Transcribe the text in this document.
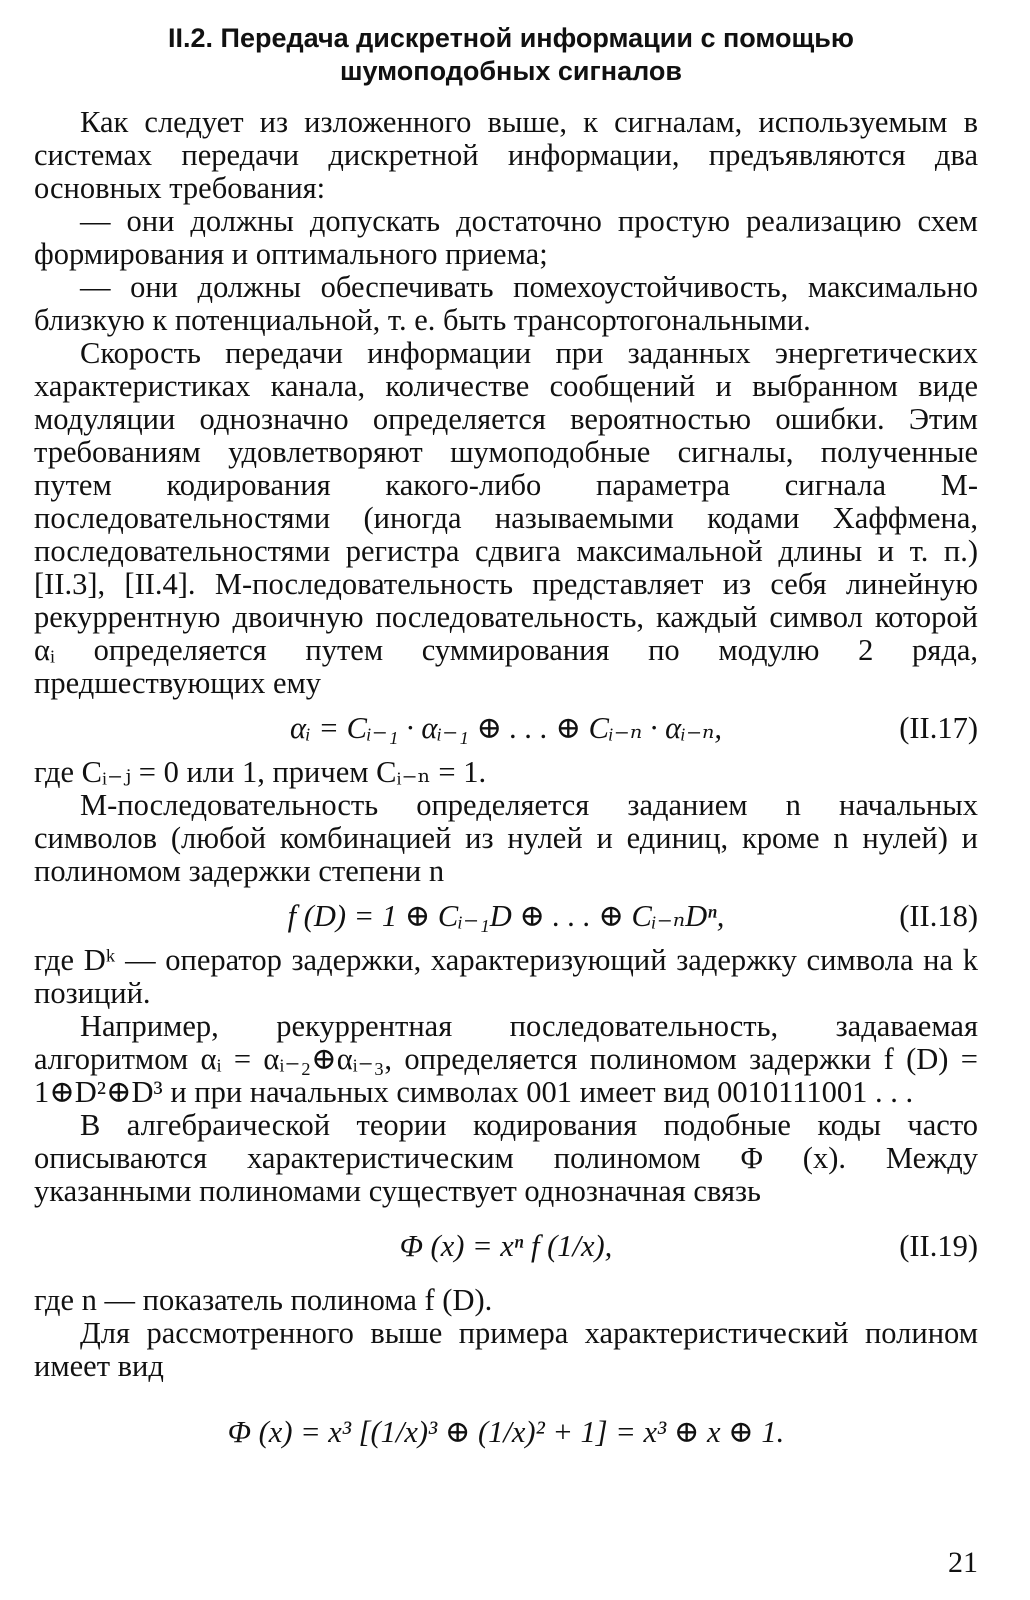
II.2. Передача дискретной информации с помощью
шумоподобных сигналов

Как следует из изложенного выше, к сигналам, используемым в системах передачи дискретной информации, предъявляются два основных требования:

— они должны допускать достаточно простую реализацию схем формирования и оптимального приема;

— они должны обеспечивать помехоустойчивость, максимально близкую к потенциальной, т. е. быть трансортогональными.

Скорость передачи информации при заданных энергетических характеристиках канала, количестве сообщений и выбранном виде модуляции однозначно определяется вероятностью ошибки. Этим требованиям удовлетворяют шумоподобные сигналы, полученные путем кодирования какого-либо параметра сигнала M-последовательностями (иногда называемыми кодами Хаффмена, последовательностями регистра сдвига максимальной длины и т. п.) [II.3], [II.4]. M-последовательность представляет из себя линейную рекуррентную двоичную последовательность, каждый символ которой αᵢ определяется путем суммирования по модулю 2 ряда, предшествующих ему

αᵢ = Cᵢ₋₁ · αᵢ₋₁ ⊕ . . . ⊕ Cᵢ₋ₙ · αᵢ₋ₙ,	(II.17)

где Cᵢ₋ⱼ = 0 или 1, причем Cᵢ₋ₙ = 1.

M-последовательность определяется заданием n начальных символов (любой комбинацией из нулей и единиц, кроме n нулей) и полиномом задержки степени n

f (D) = 1 ⊕ Cᵢ₋₁D ⊕ . . . ⊕ Cᵢ₋ₙDⁿ,	(II.18)

где Dᵏ — оператор задержки, характеризующий задержку символа на k позиций.

Например, рекуррентная последовательность, задаваемая алгоритмом αᵢ = αᵢ₋₂⊕αᵢ₋₃, определяется полиномом задержки f (D) = 1⊕D²⊕D³ и при начальных символах 001 имеет вид 0010111001 . . .

В алгебраической теории кодирования подобные коды часто описываются характеристическим полиномом Φ (x). Между указанными полиномами существует однозначная связь

Φ (x) = xⁿ f (1/x),	(II.19)

где n — показатель полинома f (D).

Для рассмотренного выше примера характеристический полином имеет вид

Φ (x) = x³ [(1/x)³ ⊕ (1/x)² + 1] = x³ ⊕ x ⊕ 1.
21
